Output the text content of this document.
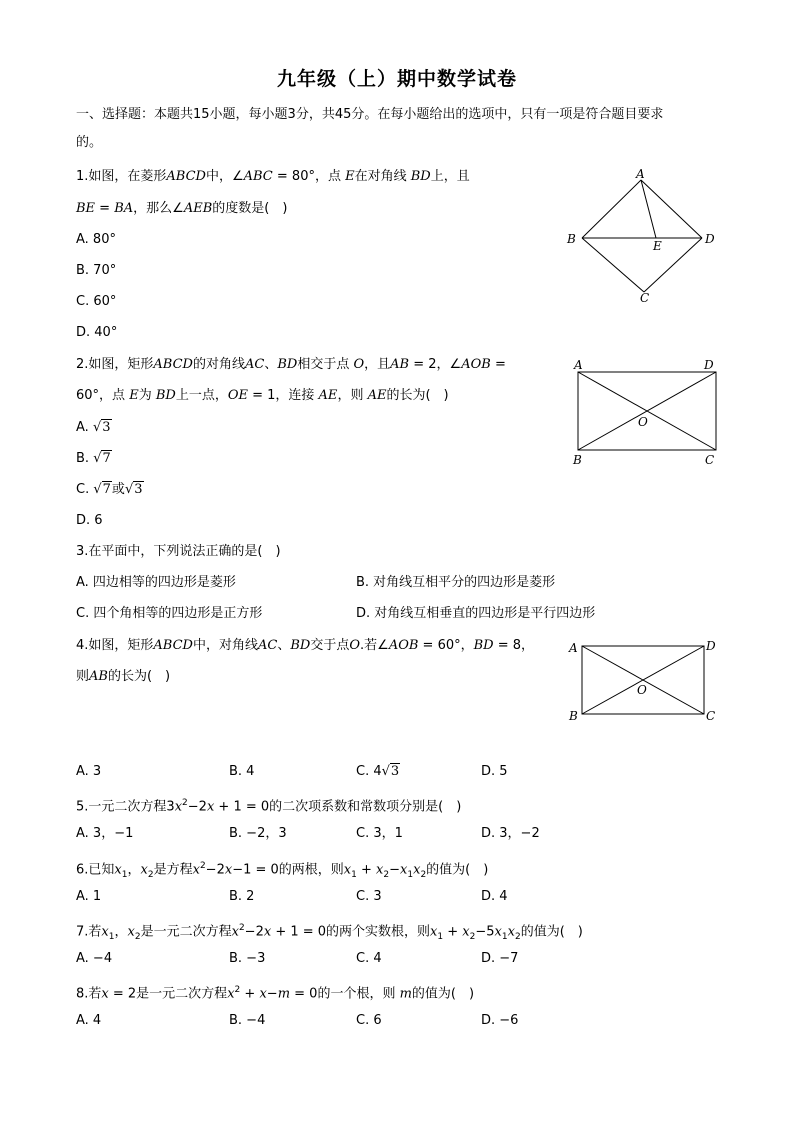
九年级（上）期中数学试卷
一、选择题：本题共15小题，每小题3分，共45分。在每小题给出的选项中，只有一项是符合题目要求
的。
1.如图，在菱形ABCD中，∠ABC = 80°，点 E在对角线 BD上，且
BE = BA，那么∠AEB的度数是(　)
A. 80°
B. 70°
C. 60°
D. 40°
A
B
C
D
E
2.如图，矩形ABCD的对角线AC、BD相交于点 O，且AB = 2，∠AOB =
60°，点 E为 BD上一点，OE = 1，连接 AE，则 AE的长为(　)
A. √3
B. √7
C. √7或√3
D. 6
A	D
B	C
O
3.在平面中，下列说法正确的是(　)
A. 四边相等的四边形是菱形	B. 对角线互相平分的四边形是菱形
C. 四个角相等的四边形是正方形	D. 对角线互相垂直的四边形是平行四边形
4.如图，矩形ABCD中，对角线AC、BD交于点O.若∠AOB = 60°，BD = 8，
则AB的长为(　)
A	D
B	C
O
A. 3	B. 4	C. 4√3	D. 5
5.一元二次方程$3x^2-2x + 1 = 0$的二次项系数和常数项分别是(　)
A. 3，−1	B. −2，3	C. 3，1	D. 3，−2
6.已知$x_1$，$x_2$是方程$x^2-2x-1 = 0$的两根，则$x_1 + x_2-x_1x_2$的值为(　)
A. 1	B. 2	C. 3	D. 4
7.若$x_1$，$x_2$是一元二次方程$x^2-2x + 1 = 0$的两个实数根，则$x_1 + x_2-5x_1x_2$的值为(　)
A. −4	B. −3	C. 4	D. −7
8.若x = 2是一元二次方程$x^2 + x-m = 0$的一个根，则 m的值为(　)
A. 4	B. −4	C. 6	D. −6
